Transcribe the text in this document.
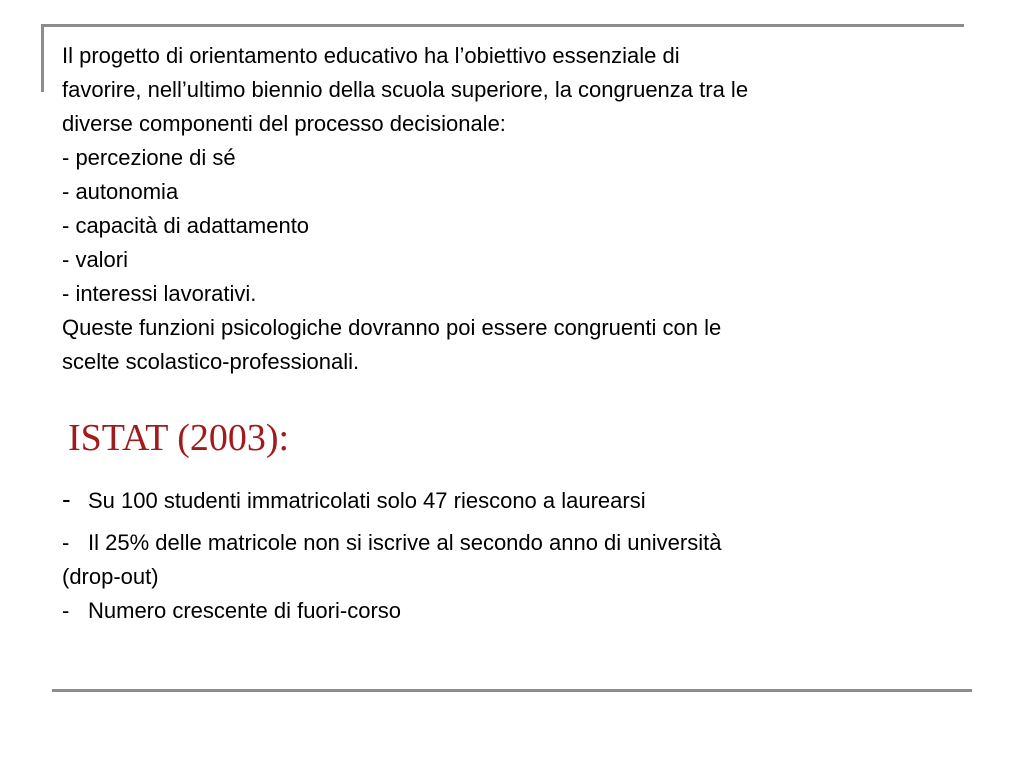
Il progetto di orientamento educativo ha l’obiettivo essenziale di
favorire, nell’ultimo biennio della scuola superiore, la congruenza tra le
diverse componenti del processo decisionale:
- percezione di sé
- autonomia
- capacità di adattamento
- valori
- interessi lavorativi.
Queste funzioni psicologiche dovranno poi essere congruenti con le
scelte scolastico-professionali.

ISTAT (2003):
- Su 100 studenti immatricolati solo 47 riescono a laurearsi
- Il 25% delle matricole non si iscrive al secondo anno di università
(drop-out)
- Numero crescente di fuori-corso
